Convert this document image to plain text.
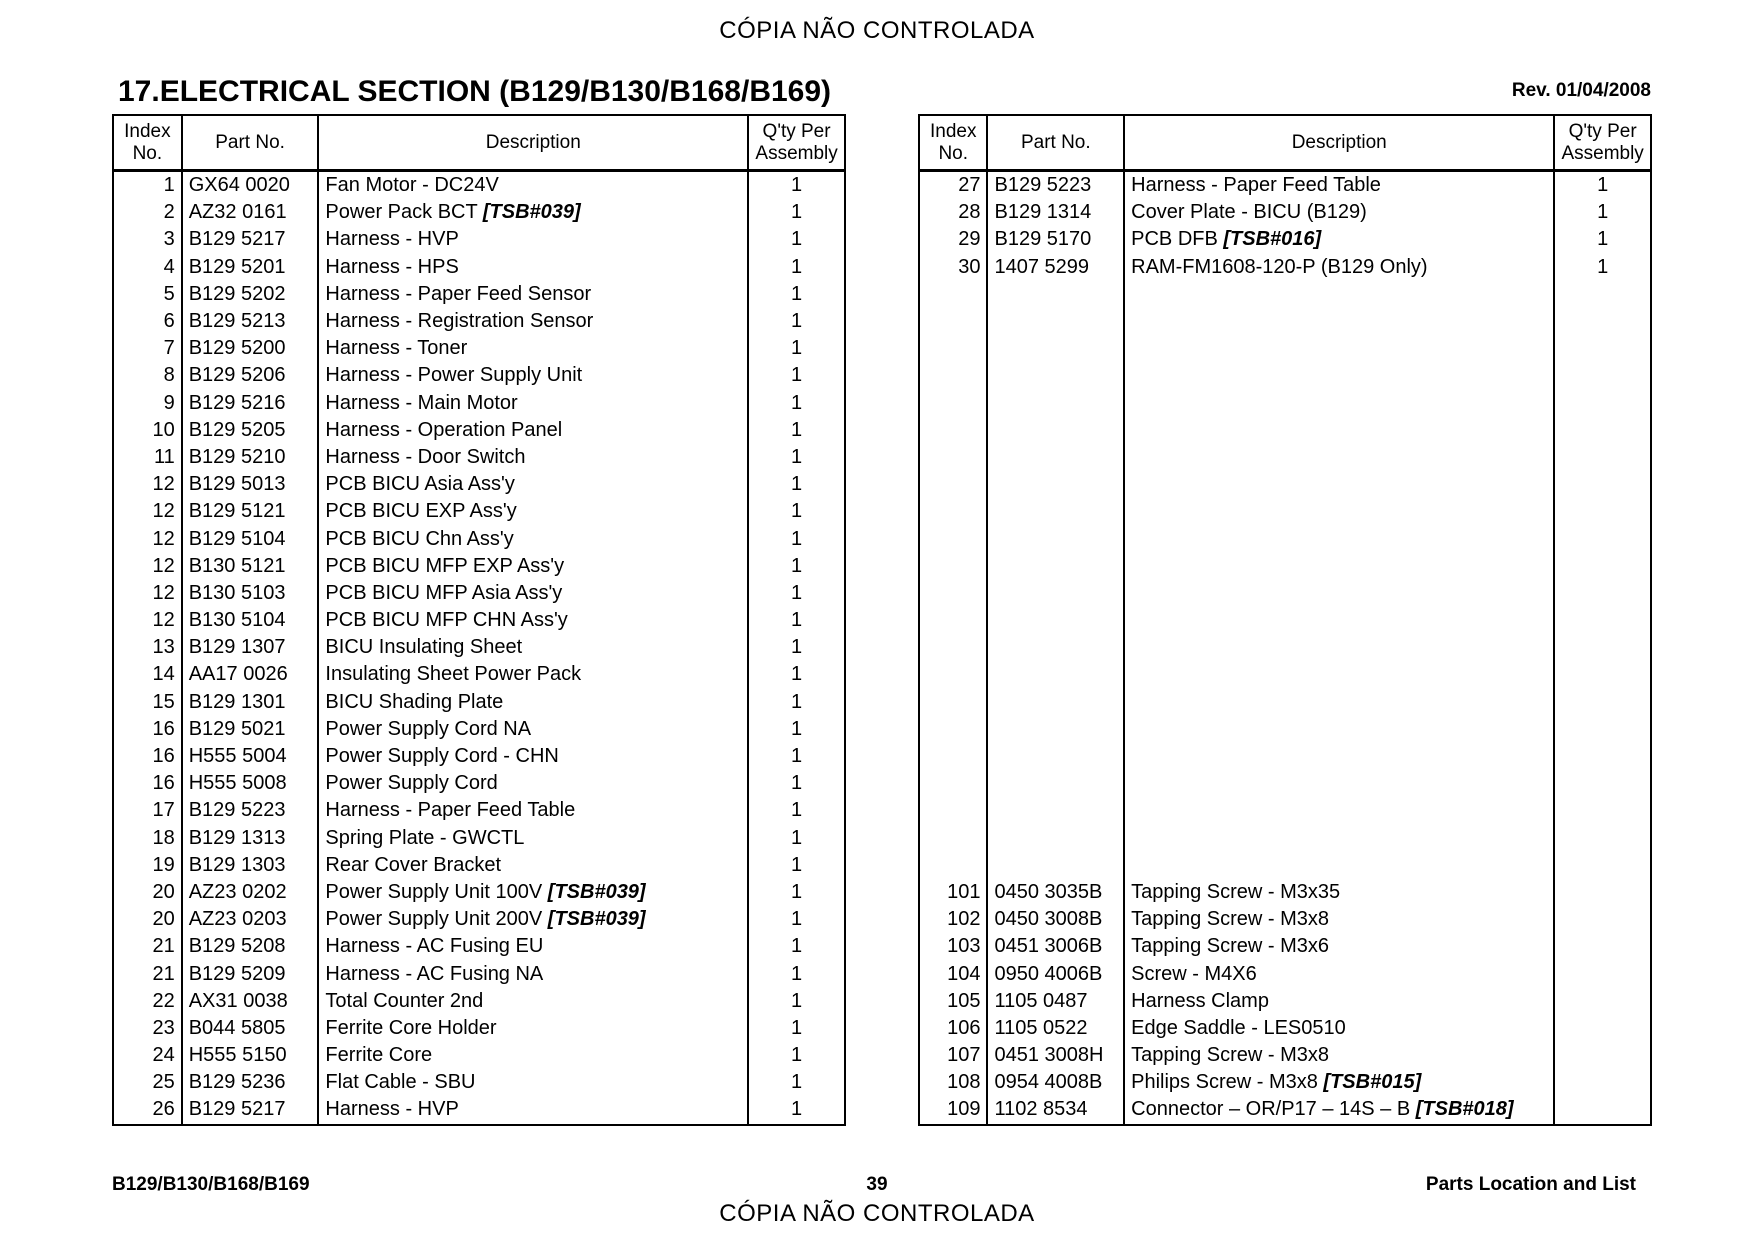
CÓPIA NÃO CONTROLADA
17.ELECTRICAL SECTION (B129/B130/B168/B169)	Rev. 01/04/2008
Index
No.	Part No.	Description	Q'ty Per
Assembly
1	GX64 0020	Fan Motor - DC24V	1
2	AZ32 0161	Power Pack BCT [TSB#039]	1
3	B129 5217	Harness - HVP	1
4	B129 5201	Harness - HPS	1
5	B129 5202	Harness - Paper Feed Sensor	1
6	B129 5213	Harness - Registration Sensor	1
7	B129 5200	Harness - Toner	1
8	B129 5206	Harness - Power Supply Unit	1
9	B129 5216	Harness - Main Motor	1
10	B129 5205	Harness - Operation Panel	1
11	B129 5210	Harness - Door Switch	1
12	B129 5013	PCB BICU Asia Ass'y	1
12	B129 5121	PCB BICU EXP Ass'y	1
12	B129 5104	PCB BICU Chn Ass'y	1
12	B130 5121	PCB BICU MFP EXP Ass'y	1
12	B130 5103	PCB BICU MFP Asia Ass'y	1
12	B130 5104	PCB BICU MFP CHN Ass'y	1
13	B129 1307	BICU Insulating Sheet	1
14	AA17 0026	Insulating Sheet Power Pack	1
15	B129 1301	BICU Shading Plate	1
16	B129 5021	Power Supply Cord NA	1
16	H555 5004	Power Supply Cord - CHN	1
16	H555 5008	Power Supply Cord	1
17	B129 5223	Harness - Paper Feed Table	1
18	B129 1313	Spring Plate - GWCTL	1
19	B129 1303	Rear Cover Bracket	1
20	AZ23 0202	Power Supply Unit 100V [TSB#039]	1
20	AZ23 0203	Power Supply Unit 200V [TSB#039]	1
21	B129 5208	Harness - AC Fusing EU	1
21	B129 5209	Harness - AC Fusing NA	1
22	AX31 0038	Total Counter 2nd	1
23	B044 5805	Ferrite Core Holder	1
24	H555 5150	Ferrite Core	1
25	B129 5236	Flat Cable - SBU	1
26	B129 5217	Harness - HVP	1
Index
No.	Part No.	Description	Q'ty Per
Assembly
27	B129 5223	Harness - Paper Feed Table	1
28	B129 1314	Cover Plate - BICU (B129)	1
29	B129 5170	PCB DFB [TSB#016]	1
30	1407 5299	RAM-FM1608-120-P (B129 Only)	1

101	0450 3035B	Tapping Screw - M3x35	
102	0450 3008B	Tapping Screw - M3x8	
103	0451 3006B	Tapping Screw - M3x6	
104	0950 4006B	Screw - M4X6	
105	1105 0487	Harness Clamp	
106	1105 0522	Edge Saddle - LES0510	
107	0451 3008H	Tapping Screw - M3x8	
108	0954 4008B	Philips Screw - M3x8 [TSB#015]	
109	1102 8534	Connector – OR/P17 – 14S – B [TSB#018]	
B129/B130/B168/B169	39	Parts Location and List
CÓPIA NÃO CONTROLADA
